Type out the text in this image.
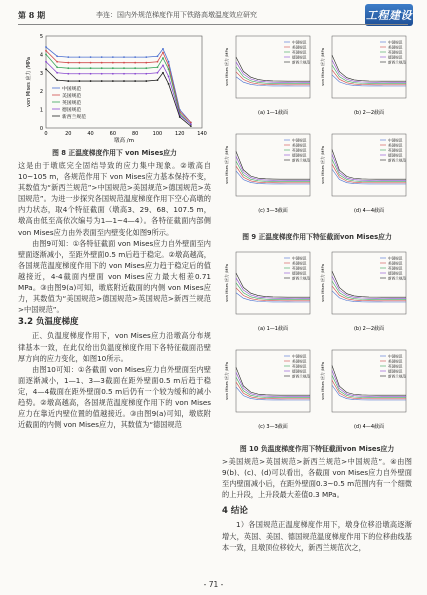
第 8 期	李连：国内外规范梯度作用下铁路高墩温度效应研究	工程建设
0
1
2
3
4
5
0	20	40	60	80	100	120	140
von Mises 应力 /MPa
墩高 /m
中国规范
美国规范
英国规范
德国规范
新西兰规范
图 8 正温度梯度作用下 von Mises应力

这是由于墩底完全固结导致的应力集中现象。②墩高自10~105 m，各规范作用下 von Mises应力基本保持不变，其数值为“新西兰规范”>中国规范>美国规范>德国规范>英国规范”。为进一步探究各国规范温度梯度作用下空心高墩的内力状态，取4个特征截面（墩高3、29、68、107.5 m，墩高由低至高依次编号为1—1~4—4）。各特征截面内部侧 von Mises应力由外表面至内壁变化如图9所示。

由图9可知：①各特征截面 von Mises应力自外壁面至内壁面逐渐减小，至距外壁面0.5 m后趋于稳定。②墩高越高，各国规范温度梯度作用下的 von Mises应力趋于稳定后的值越接近，4-4截面内壁面 von Mises应力最大相差0.71 MPa。③由图9(a)可知，墩底附近截面的内侧 von Mises应力，其数值为“美国规范>德国规范>英国规范>新西兰规范>中国规范”。

3.2 负温度梯度

正、负温度梯度作用下，von Mises应力沿墩高分布规律基本一致，在此仅给出负温度梯度作用下各特征截面沿壁厚方向的应力变化，如图10所示。

由图10可知：①各截面 von Mises应力自外壁面至内壁面逐渐减小，1—1、3—3截面在距外壁面0.5 m后趋于稳定，4—4截面在距外壁面0.5 m后仍有一个较为缓和的减小趋势。②墩高越高，各国规范温度梯度作用下的 von Mises应力在靠近内壁位置的值越接近。③由图9(a)可知，墩底附近截面的内侧 von Mises应力，其数值为“德国规范

中国规范
美国规范
英国规范
德国规范
新西兰规范
von Mises 应力 /MPa
(a) 1—1截面
中国规范
美国规范
英国规范
德国规范
新西兰规范
von Mises 应力 /MPa
(b) 2—2截面
中国规范
美国规范
英国规范
德国规范
新西兰规范
von Mises 应力 /MPa
(c) 3—3截面
中国规范
美国规范
英国规范
德国规范
新西兰规范
von Mises 应力 /MPa
(d) 4—4截面
图 9 正温度梯度作用下特征截面von Mises应力
中国规范
美国规范
英国规范
德国规范
新西兰规范
von Mises 应力 /MPa
(a) 1—1截面
中国规范
美国规范
英国规范
德国规范
新西兰规范
von Mises 应力 /MPa
(b) 2—2截面
中国规范
美国规范
英国规范
德国规范
新西兰规范
von Mises 应力 /MPa
(c) 3—3截面
中国规范
美国规范
英国规范
德国规范
新西兰规范
von Mises 应力 /MPa
(d) 4—4截面
图 10 负温度梯度作用下特征截面von Mises应力

>美国规范>英国规范>新西兰规范>中国规范”。④由图9(b)、(c)、(d)可以看出，各截面 von Mises应力自外壁面至内壁面减小后，在距外壁面0.3~0.5 m范围内有一个细微的上升段，上升段最大差值0.3 MPa。

4 结论

1）各国规范正温度梯度作用下，墩身位移沿墩高逐渐增大，英国、美国、德国规范温度梯度作用下的位移曲线基本一致，且墩顶位移较大，新西兰规范次之，

- 71 -
